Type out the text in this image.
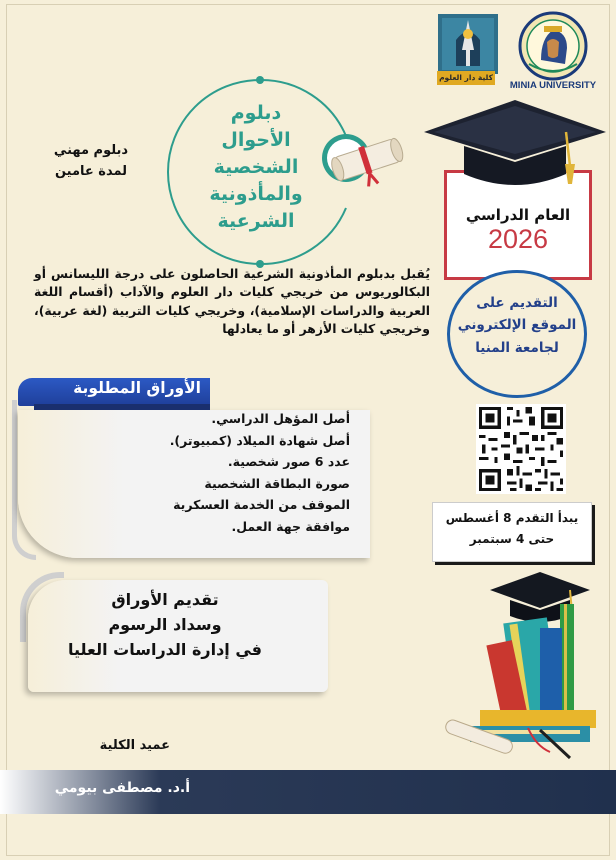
MINIA UNIVERSITY
كلية دار العلوم
دبلوم
الأحوال الشخصية
والمأذونية الشرعية
دبلوم مهني
لمدة عامين
العام الدراسي
2026
التقديم على
الموقع الإلكتروني
لجامعة المنيا
يُقبل بدبلوم المأذونية الشرعية الحاصلون على درجة الليسانس أو البكالوريوس من خريجي كليات دار العلوم والآداب (أقسام اللغة العربية والدراسات الإسلامية)، وخريجي كليات التربية (لغة عربية)، وخريجي كليات الأزهر أو ما يعادلها
الأوراق المطلوبة
أصل المؤهل الدراسي.
أصل شهادة الميلاد (كمبيوتر).
عدد 6 صور شخصية.
صورة البطاقة الشخصية
الموقف من الخدمة العسكرية
موافقة جهة العمل.
يبدأ التقدم 8 أغسطس
حتى 4 سبتمبر
تقديم الأوراق
وسداد الرسوم
في إدارة الدراسات العليا
عميد الكلية
أ.د. مصطفى بيومي
